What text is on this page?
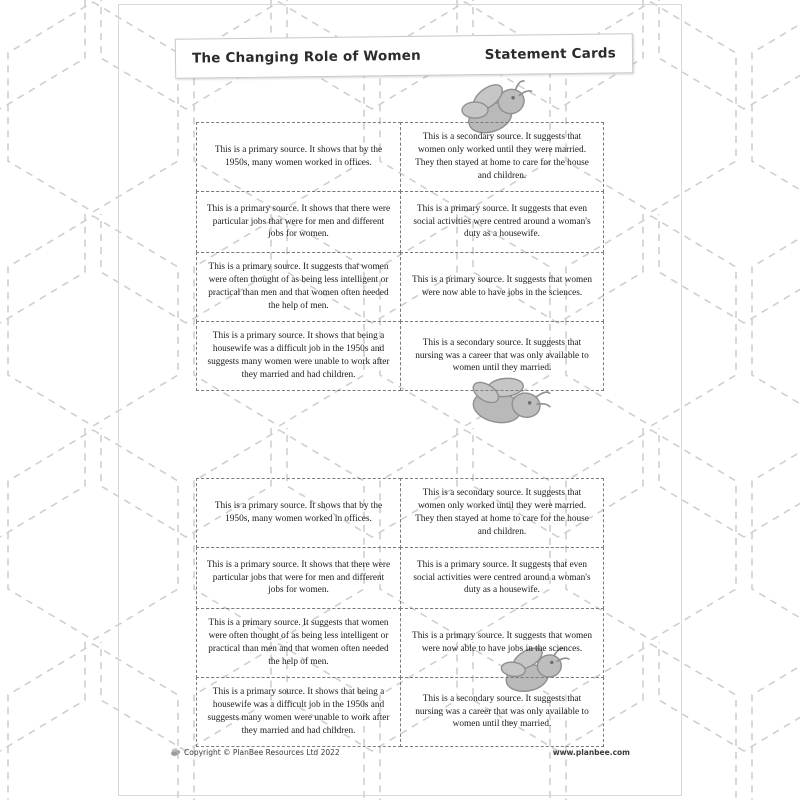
The Changing Role of Women	Statement Cards
This is a primary source. It shows that by the 1950s, many women worked in offices.
This is a secondary source. It suggests that women only worked until they were married. They then stayed at home to care for the house and children.
This is a primary source. It shows that there were particular jobs that were for men and different jobs for women.
This is a primary source. It suggests that even social activities were centred around a woman's duty as a housewife.
This is a primary source. It suggests that women were often thought of as being less intelligent or practical than men and that women often needed the help of men.
This is a primary source. It suggests that women were now able to have jobs in the sciences.
This is a primary source. It shows that being a housewife was a difficult job in the 1950s and suggests many women were unable to work after they married and had children.
This is a secondary source. It suggests that nursing was a career that was only available to women until they married.
This is a primary source. It shows that by the 1950s, many women worked in offices.
This is a secondary source. It suggests that women only worked until they were married. They then stayed at home to care for the house and children.
This is a primary source. It shows that there were particular jobs that were for men and different jobs for women.
This is a primary source. It suggests that even social activities were centred around a woman's duty as a housewife.
This is a primary source. It suggests that women were often thought of as being less intelligent or practical than men and that women often needed the help of men.
This is a primary source. It suggests that women were now able to have jobs in the sciences.
This is a primary source. It shows that being a housewife was a difficult job in the 1950s and suggests many women were unable to work after they married and had children.
This is a secondary source. It suggests that nursing was a career that was only available to women until they married.
Copyright © PlanBee Resources Ltd 2022	www.planbee.com
